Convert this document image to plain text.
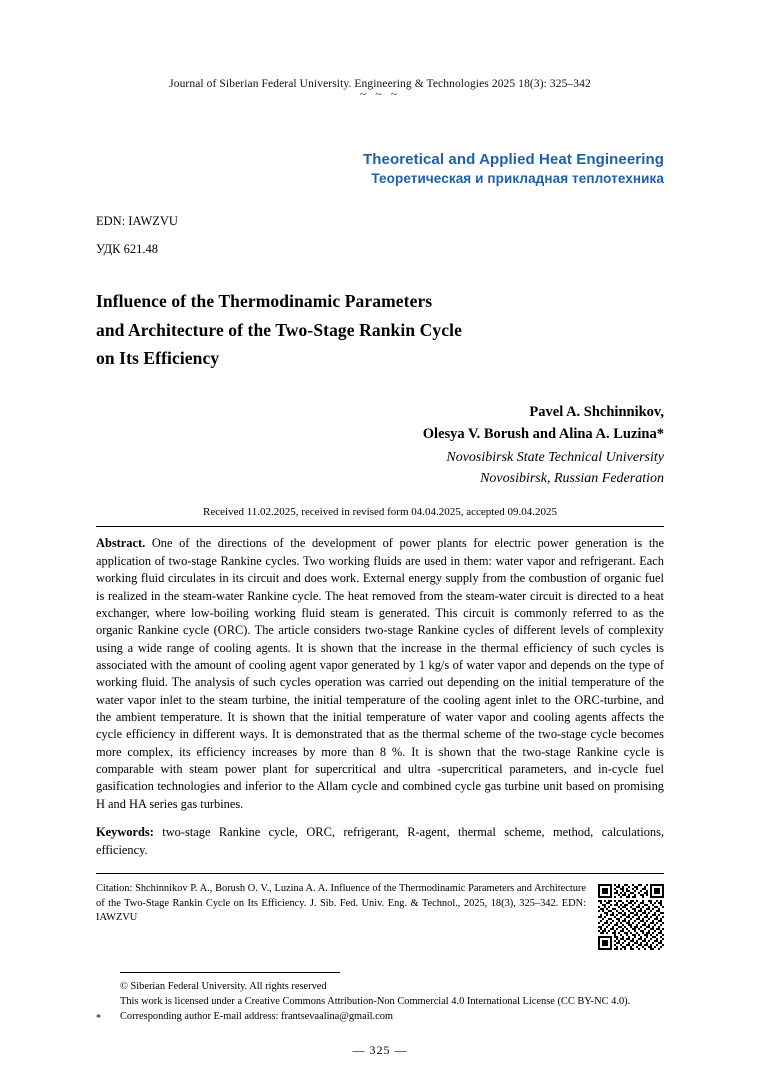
Journal of Siberian Federal University. Engineering & Technologies 2025 18(3): 325–342
~ ~ ~
Theoretical and Applied Heat Engineering
Теоретическая и прикладная теплотехника
EDN: IAWZVU
УДК 621.48
Influence of the Thermodinamic Parameters
and Architecture of the Two‑Stage Rankin Cycle
on Its Efficiency
Pavel A. Shchinnikov,
Olesya V. Borush and Alina A. Luzina*
Novosibirsk State Technical University
Novosibirsk, Russian Federation
Received 11.02.2025, received in revised form 04.04.2025, accepted 09.04.2025
Abstract. One of the directions of the development of power plants for electric power generation is the application of two-stage Rankine cycles. Two working fluids are used in them: water vapor and refrigerant. Each working fluid circulates in its circuit and does work. External energy supply from the combustion of organic fuel is realized in the steam-water Rankine cycle. The heat removed from the steam-water circuit is directed to a heat exchanger, where low-boiling working fluid steam is generated. This circuit is commonly referred to as the organic Rankine cycle (ORC). The article considers two-stage Rankine cycles of different levels of complexity using a wide range of cooling agents. It is shown that the increase in the thermal efficiency of such cycles is associated with the amount of cooling agent vapor generated by 1 kg/s of water vapor and depends on the type of working fluid. The analysis of such cycles operation was carried out depending on the initial temperature of the water vapor inlet to the steam turbine, the initial temperature of the cooling agent inlet to the ORC-turbine, and the ambient temperature. It is shown that the initial temperature of water vapor and cooling agents affects the cycle efficiency in different ways. It is demonstrated that as the thermal scheme of the two-stage cycle becomes more complex, its efficiency increases by more than 8 %. It is shown that the two-stage Rankine cycle is comparable with steam power plant for supercritical and ultra -supercritical parameters, and in-cycle fuel gasification technologies and inferior to the Allam cycle and combined cycle gas turbine unit based on promising H and HA series gas turbines.
Keywords: two-stage Rankine cycle, ORC, refrigerant, R-agent, thermal scheme, method, calculations, efficiency.
Citation: Shchinnikov P. A., Borush O. V., Luzina A. A. Influence of the Thermodinamic Parameters and Architecture of the Two-Stage Rankin Cycle on Its Efficiency. J. Sib. Fed. Univ. Eng. & Technol., 2025, 18(3), 325–342. EDN: IAWZVU
© Siberian Federal University. All rights reserved
This work is licensed under a Creative Commons Attribution-Non Commercial 4.0 International License (CC BY-NC 4.0).
* Corresponding author E-mail address: frantsevaalina@gmail.com
— 325 —
